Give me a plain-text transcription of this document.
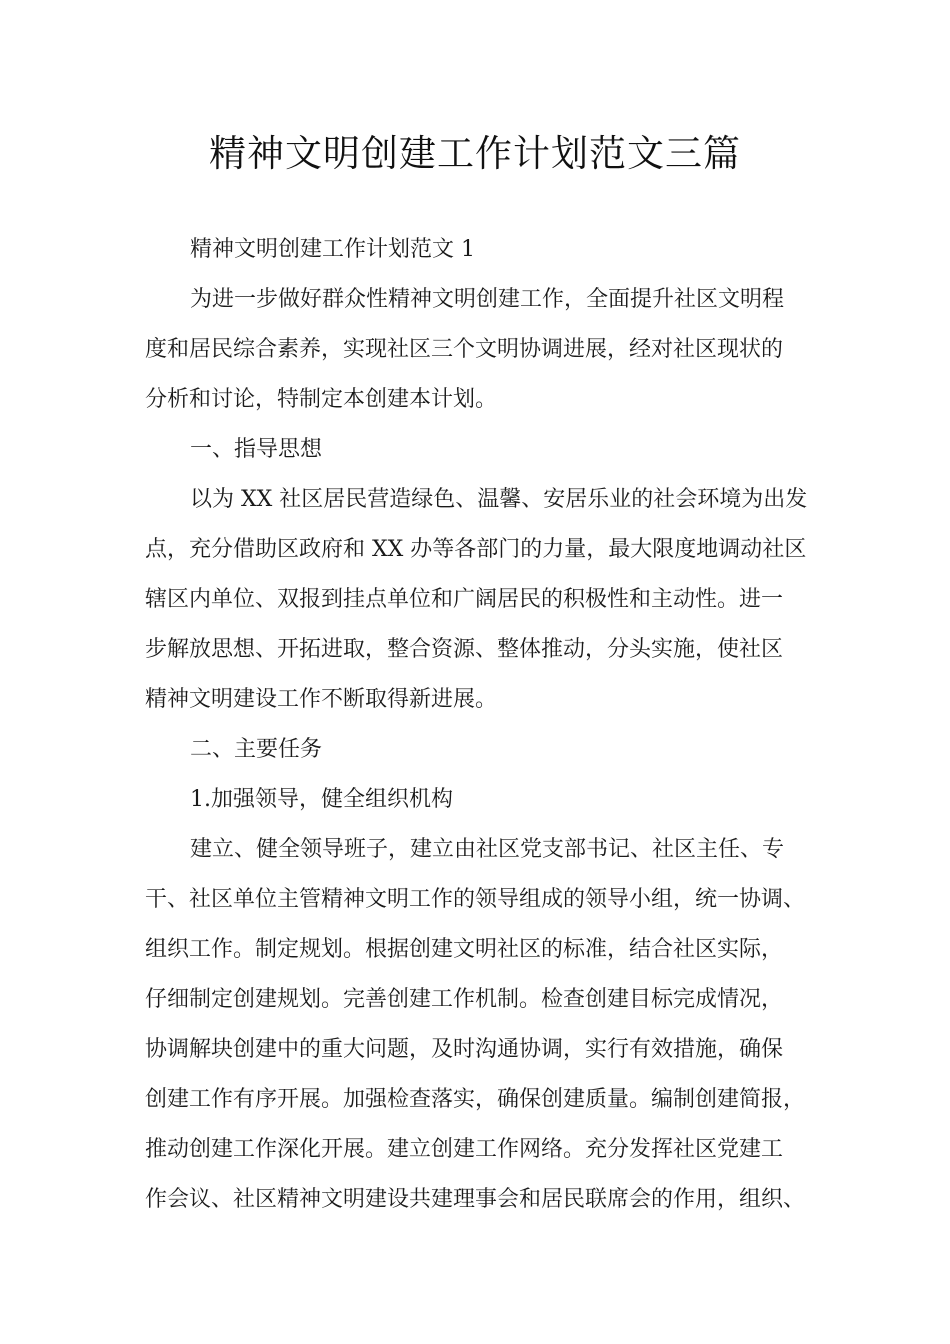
精神文明创建工作计划范文三篇
精神文明创建工作计划范文 1
为进一步做好群众性精神文明创建工作，全面提升社区文明程
度和居民综合素养，实现社区三个文明协调进展，经对社区现状的
分析和讨论，特制定本创建本计划。
一、指导思想
以为 XX 社区居民营造绿色、温馨、安居乐业的社会环境为出发
点，充分借助区政府和 XX 办等各部门的力量，最大限度地调动社区
辖区内单位、双报到挂点单位和广阔居民的积极性和主动性。进一
步解放思想、开拓进取，整合资源、整体推动，分头实施，使社区
精神文明建设工作不断取得新进展。
二、主要任务
1.加强领导，健全组织机构
建立、健全领导班子，建立由社区党支部书记、社区主任、专
干、社区单位主管精神文明工作的领导组成的领导小组，统一协调、
组织工作。制定规划。根据创建文明社区的标准，结合社区实际，
仔细制定创建规划。完善创建工作机制。检查创建目标完成情况，
协调解块创建中的重大问题，及时沟通协调，实行有效措施，确保
创建工作有序开展。加强检查落实，确保创建质量。编制创建简报，
推动创建工作深化开展。建立创建工作网络。充分发挥社区党建工
作会议、社区精神文明建设共建理事会和居民联席会的作用，组织、
